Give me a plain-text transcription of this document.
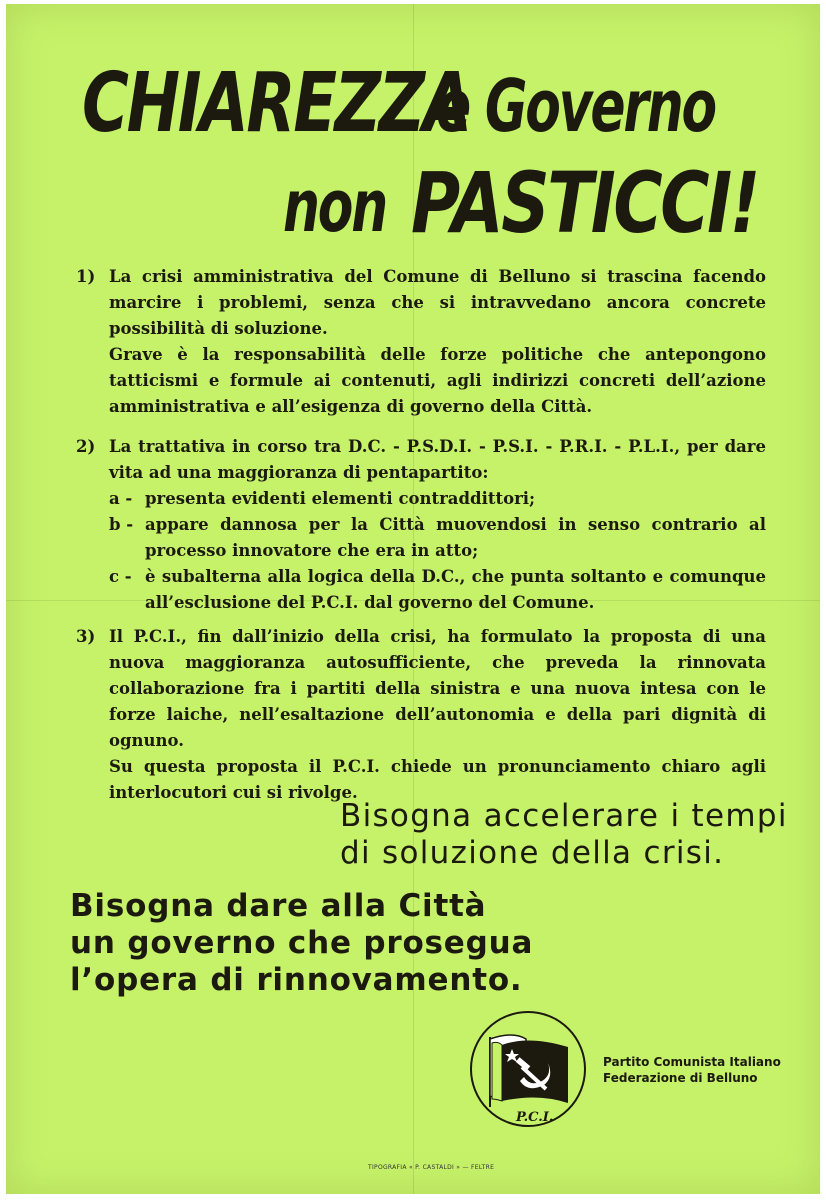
CHIAREZZA
e Governo
non PASTICCI!
1) La crisi amministrativa del Comune di Belluno si trascina facendo marcire i problemi, senza che si intravvedano ancora concrete possibilità di soluzione.
Grave è la responsabilità delle forze politiche che antepongono tatticismi e formule ai contenuti, agli indirizzi concreti dell’azione amministrativa e all’esigenza di governo della Città.
2) La trattativa in corso tra D.C. - P.S.D.I. - P.S.I. - P.R.I. - P.L.I., per dare vita ad una maggioranza di pentapartito:
a - presenta evidenti elementi contraddittori;
b - appare dannosa per la Città muovendosi in senso contrario al processo innovatore che era in atto;
c - è subalterna alla logica della D.C., che punta soltanto e comunque all’esclusione del P.C.I. dal governo del Comune.
3) Il P.C.I., fin dall’inizio della crisi, ha formulato la proposta di una nuova maggioranza autosufficiente, che preveda la rinnovata collaborazione fra i partiti della sinistra e una nuova intesa con le forze laiche, nell’esaltazione dell’autonomia e della pari dignità di ognuno.
Su questa proposta il P.C.I. chiede un pronunciamento chiaro agli interlocutori cui si rivolge.
Bisogna accelerare i tempi
di soluzione della crisi.
Bisogna dare alla Città
un governo che prosegua
l’opera di rinnovamento.
P.C.I.
Partito Comunista Italiano
Federazione di Belluno
TIPOGRAFIA « P. CASTALDI » — FELTRE
